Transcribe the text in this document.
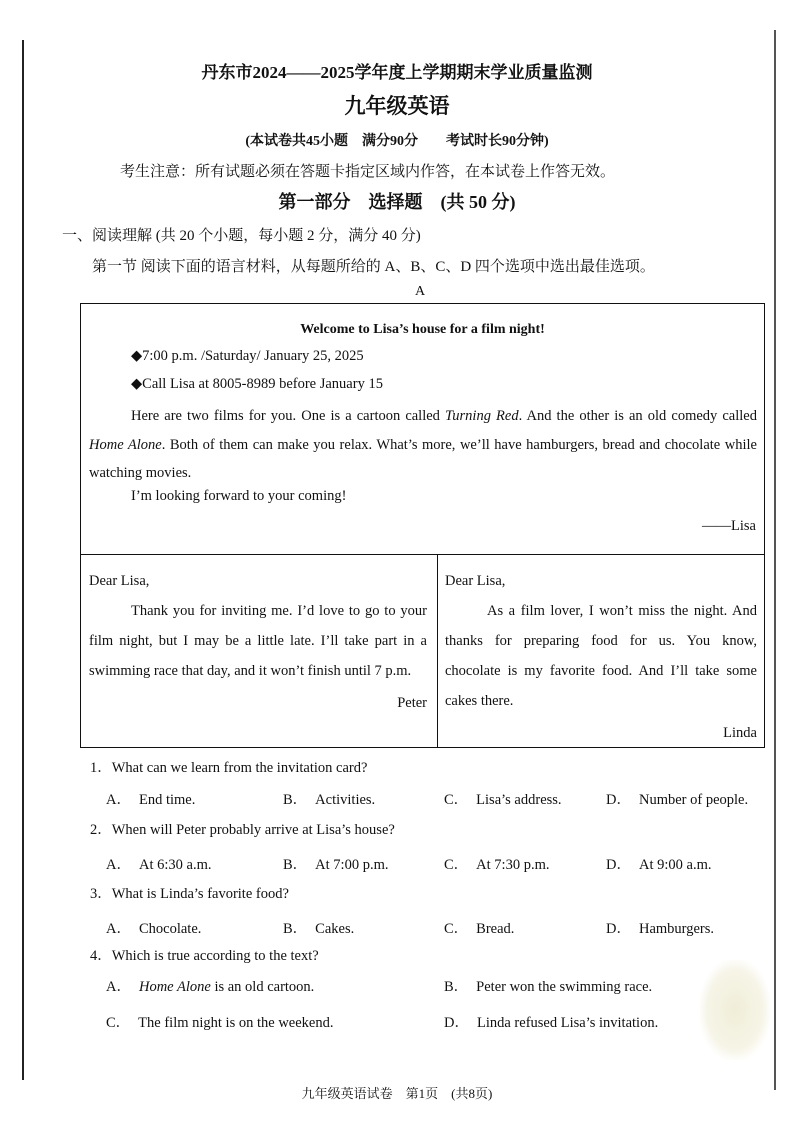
丹东市2024——2025学年度上学期期末学业质量监测
九年级英语
(本试卷共45小题　满分90分　　考试时长90分钟)
考生注意：所有试题必须在答题卡指定区域内作答，在本试卷上作答无效。
第一部分　选择题　(共 50 分)
一、阅读理解 (共 20 个小题，每小题 2 分，满分 40 分)
第一节 阅读下面的语言材料，从每题所给的 A、B、C、D 四个选项中选出最佳选项。
A
Welcome to Lisa’s house for a film night!
◆7:00 p.m. /Saturday/ January 25, 2025
◆Call Lisa at 8005-8989 before January 15
Here are two films for you. One is a cartoon called Turning Red. And the other is an old comedy called Home Alone. Both of them can make you relax. What’s more, we’ll have hamburgers, bread and chocolate while watching movies.
I’m looking forward to your coming!
——Lisa
Dear Lisa,
Thank you for inviting me. I’d love to go to your film night, but I may be a little late. I’ll take part in a swimming race that day, and it won’t finish until 7 p.m.
Peter
Dear Lisa,
As a film lover, I won’t miss the night. And thanks for preparing food for us. You know, chocolate is my favorite food. And I’ll take some cakes there.
Linda
1．What can we learn from the invitation card?
A． End time.	B． Activities.	C． Lisa’s address.	D． Number of people.
2．When will Peter probably arrive at Lisa’s house?
A． At 6:30 a.m.	B． At 7:00 p.m.	C． At 7:30 p.m.	D． At 9:00 a.m.
3．What is Linda’s favorite food?
A． Chocolate.	B． Cakes.	C． Bread.	D． Hamburgers.
4．Which is true according to the text?
A． Home Alone is an old cartoon.	B． Peter won the swimming race.
C． The film night is on the weekend.	D． Linda refused Lisa’s invitation.
九年级英语试卷　第1页　(共8页)
